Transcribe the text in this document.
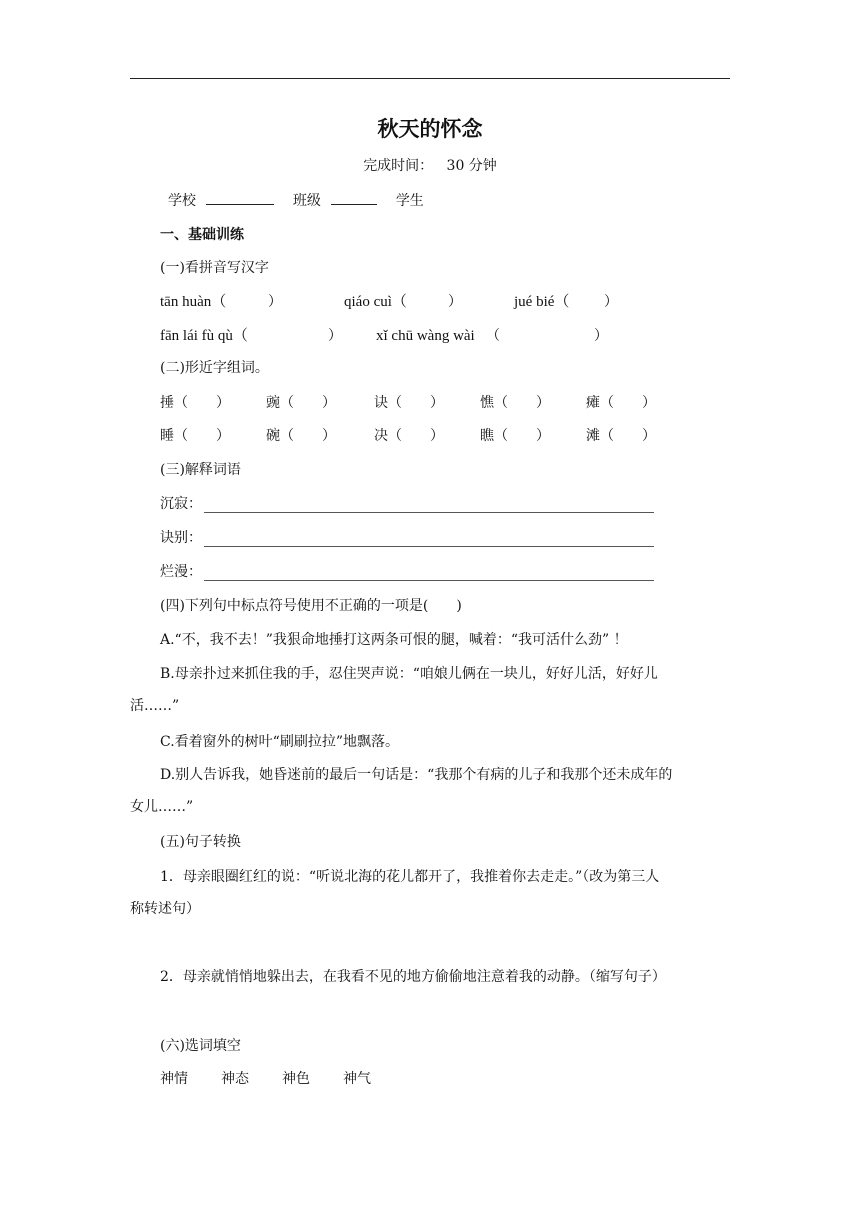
秋天的怀念
完成时间： 30 分钟
学校	班级	学生
一、基础训练
(一)看拼音写汉字
tān huàn（	）	qiáo cuì（	）	jué bié（ ）
fān lái fù qù（	） xǐ chū wàng wài （	）
(二)形近字组词。
捶（ ）	豌（ ）	诀（ ）	憔（ ）	瘫（ ）
睡（ ）	碗（ ）	决（ ）	瞧（ ）	滩（ ）
(三)解释词语
沉寂：
诀别：
烂漫：
(四)下列句中标点符号使用不正确的一项是(　　)
A.“不，我不去！”我狠命地捶打这两条可恨的腿，喊着：“我可活什么劲” ！
B.母亲扑过来抓住我的手，忍住哭声说：“咱娘儿俩在一块儿，好好儿活，好好儿
活……”
C.看着窗外的树叶“刷刷拉拉”地飘落。
D.别人告诉我，她昏迷前的最后一句话是：“我那个有病的儿子和我那个还未成年的
女儿……”
(五)句子转换
1．母亲眼圈红红的说：“听说北海的花儿都开了，我推着你去走走。”（改为第三人
称转述句）
2．母亲就悄悄地躲出去，在我看不见的地方偷偷地注意着我的动静。（缩写句子）
(六)选词填空
神情 神态 神色 神气
